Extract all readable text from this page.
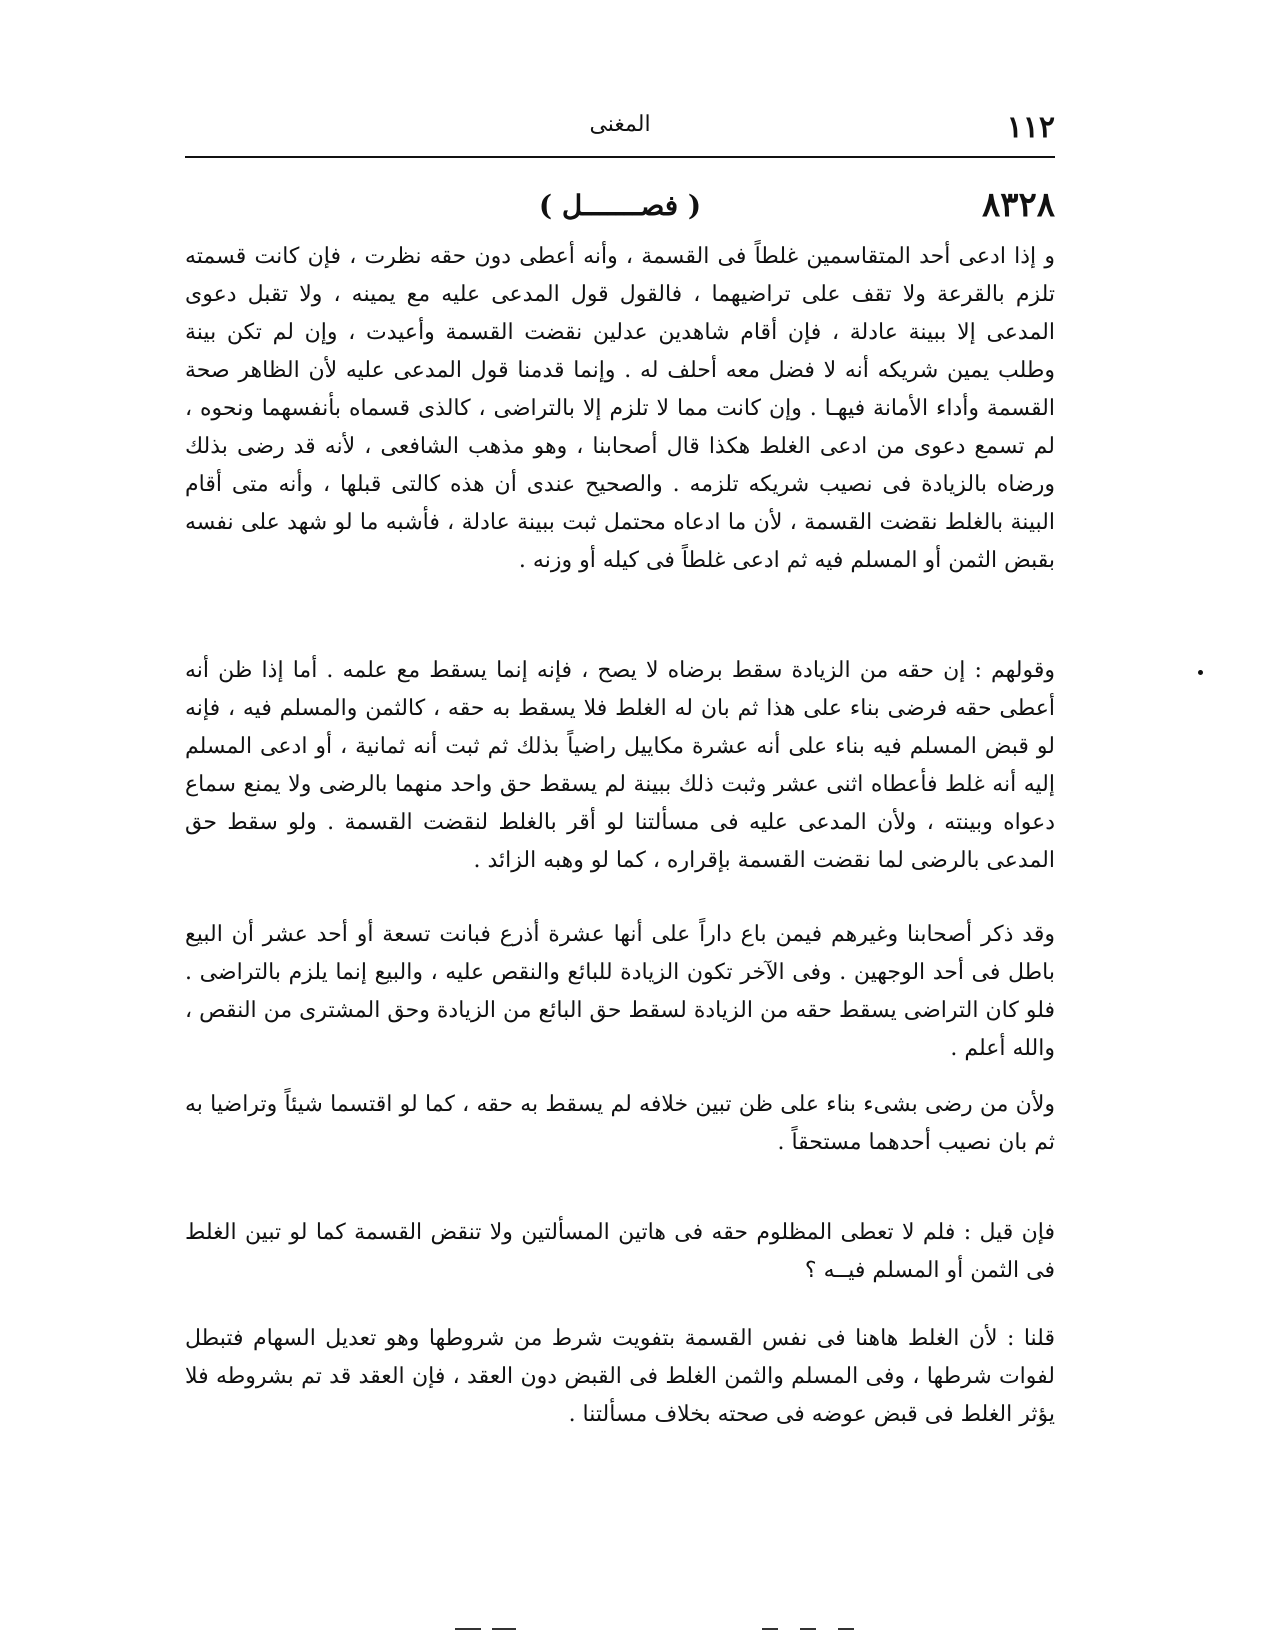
١١٢
المغنى
٨٣٢٨
( فصـــــــل )

و إذا ادعى أحد المتقاسمين غلطاً فى القسمة ، وأنه أعطى دون حقه نظرت ، فإن كانت قسمته تلزم بالقرعة ولا تقف على تراضيهما ، فالقول قول المدعى عليه مع يمينه ، ولا تقبل دعوى المدعى إلا ببينة عادلة ، فإن أقام شاهدين عدلين نقضت القسمة وأعيدت ، وإن لم تكن بينة وطلب يمين شريكه أنه لا فضل معه أحلف له . وإنما قدمنا قول المدعى عليه لأن الظاهر صحة القسمة وأداء الأمانة فيهـا . وإن كانت مما لا تلزم إلا بالتراضى ، كالذى قسماه بأنفسهما ونحوه ، لم تسمع دعوى من ادعى الغلط هكذا قال أصحابنا ، وهو مذهب الشافعى ، لأنه قد رضى بذلك ورضاه بالزيادة فى نصيب شريكه تلزمه . والصحيح عندى أن هذه كالتى قبلها ، وأنه متى أقام البينة بالغلط نقضت القسمة ، لأن ما ادعاه محتمل ثبت ببينة عادلة ، فأشبه ما لو شهد على نفسه بقبض الثمن أو المسلم فيه ثم ادعى غلطاً فى كيله أو وزنه .

وقولهم : إن حقه من الزيادة سقط برضاه لا يصح ، فإنه إنما يسقط مع علمه . أما إذا ظن أنه أعطى حقه فرضى بناء على هذا ثم بان له الغلط فلا يسقط به حقه ، كالثمن والمسلم فيه ، فإنه لو قبض المسلم فيه بناء على أنه عشرة مكاييل راضياً بذلك ثم ثبت أنه ثمانية ، أو ادعى المسلم إليه أنه غلط فأعطاه اثنى عشر وثبت ذلك ببينة لم يسقط حق واحد منهما بالرضى ولا يمنع سماع دعواه وبينته ، ولأن المدعى عليه فى مسألتنا لو أقر بالغلط لنقضت القسمة . ولو سقط حق المدعى بالرضى لما نقضت القسمة بإقراره ، كما لو وهبه الزائد .

وقد ذكر أصحابنا وغيرهم فيمن باع داراً على أنها عشرة أذرع فبانت تسعة أو أحد عشر أن البيع باطل فى أحد الوجهين . وفى الآخر تكون الزيادة للبائع والنقص عليه ، والبيع إنما يلزم بالتراضى . فلو كان التراضى يسقط حقه من الزيادة لسقط حق البائع من الزيادة وحق المشترى من النقص ، والله أعلم .

ولأن من رضى بشىء بناء على ظن تبين خلافه لم يسقط به حقه ، كما لو اقتسما شيئاً وتراضيا به ثم بان نصيب أحدهما مستحقاً .

فإن قيل : فلم لا تعطى المظلوم حقه فى هاتين المسألتين ولا تنقض القسمة كما لو تبين الغلط فى الثمن أو المسلم فيــه ؟

قلنا : لأن الغلط هاهنا فى نفس القسمة بتفويت شرط من شروطها وهو تعديل السهام فتبطل لفوات شرطها ، وفى المسلم والثمن الغلط فى القبض دون العقد ، فإن العقد قد تم بشروطه فلا يؤثر الغلط فى قبض عوضه فى صحته بخلاف مسألتنا .
